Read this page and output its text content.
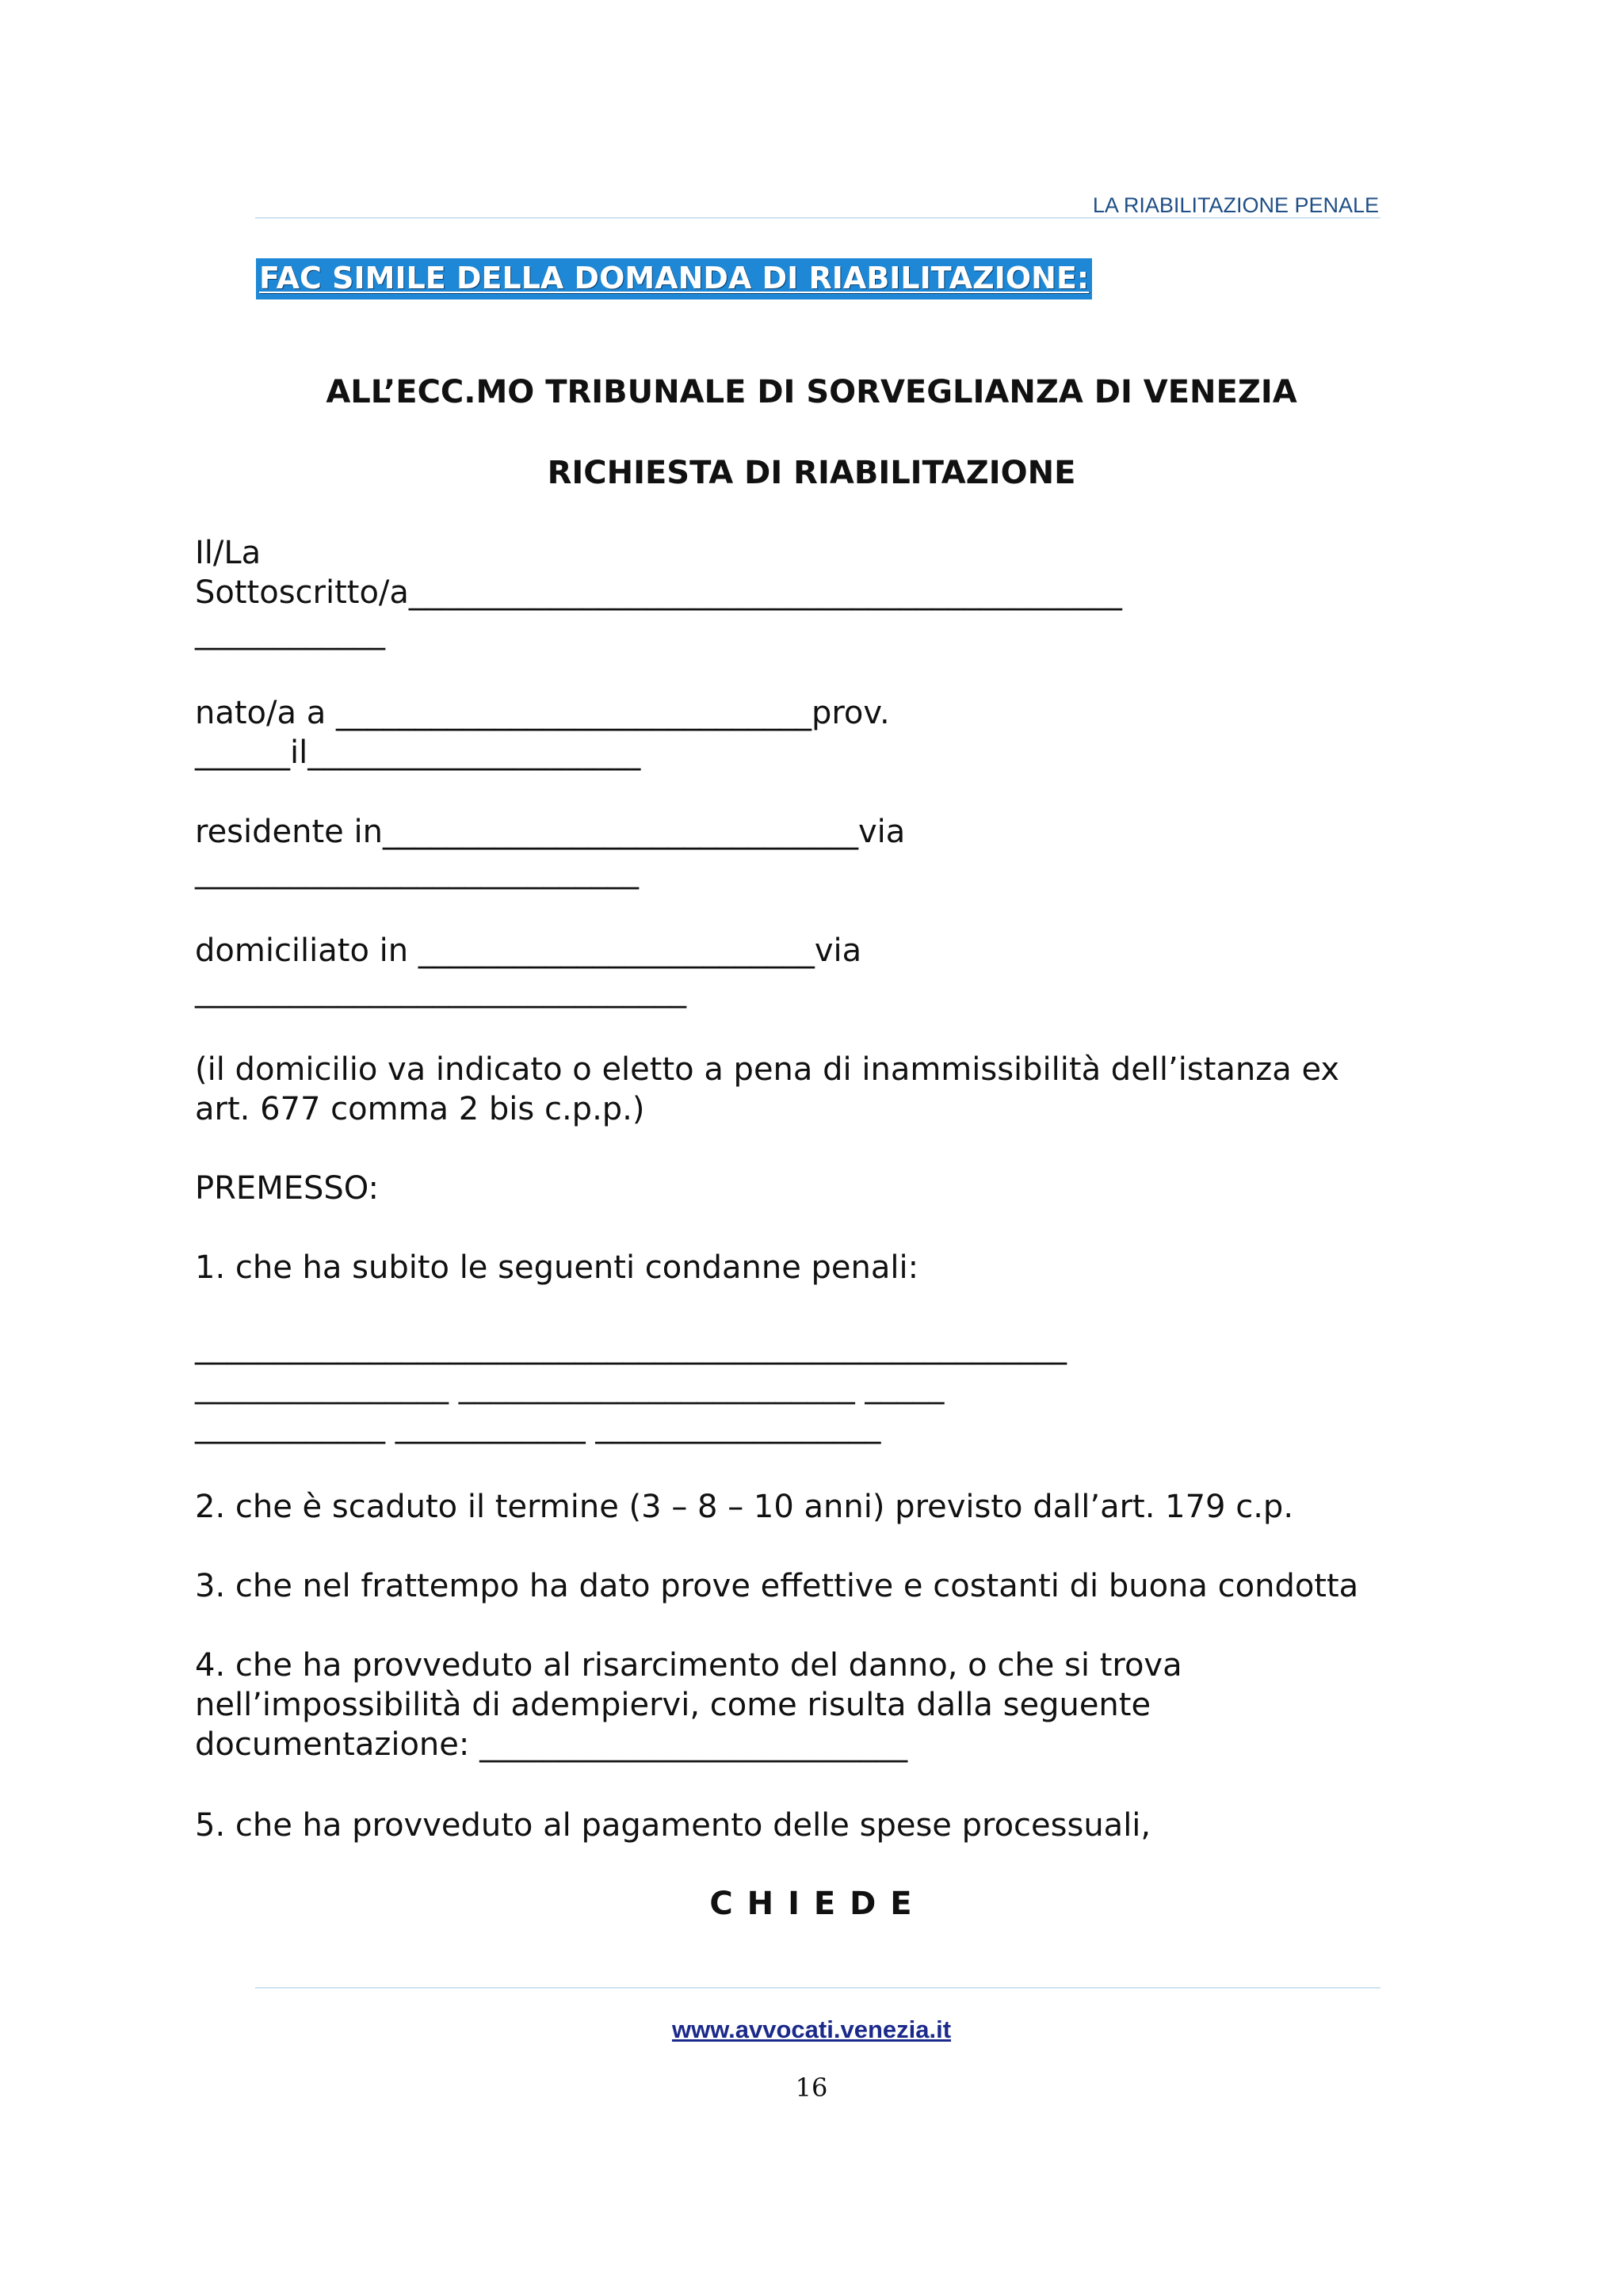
LA RIABILITAZIONE PENALE
FAC SIMILE DELLA DOMANDA DI RIABILITAZIONE:
ALL’ECC.MO TRIBUNALE DI SORVEGLIANZA DI VENEZIA
RICHIESTA DI RIABILITAZIONE
Il/La
Sottoscritto/a_____________________________________________
____________
nato/a a ______________________________prov.
______il_____________________
residente in______________________________via
____________________________
domiciliato in _________________________via
_______________________________
(il domicilio va indicato o eletto a pena di inammissibilità dell’istanza ex
art. 677 comma 2 bis c.p.p.)
PREMESSO:
1. che ha subito le seguenti condanne penali:
_______________________________________________________
________________ _________________________ _____
____________ ____________ __________________
2. che è scaduto il termine (3 – 8 – 10 anni) previsto dall’art. 179 c.p.
3. che nel frattempo ha dato prove effettive e costanti di buona condotta
4. che ha provveduto al risarcimento del danno, o che si trova
nell’impossibilità di adempiervi, come risulta dalla seguente
documentazione: ___________________________
5. che ha provveduto al pagamento delle spese processuali,
C H I E D E
www.avvocati.venezia.it
16
